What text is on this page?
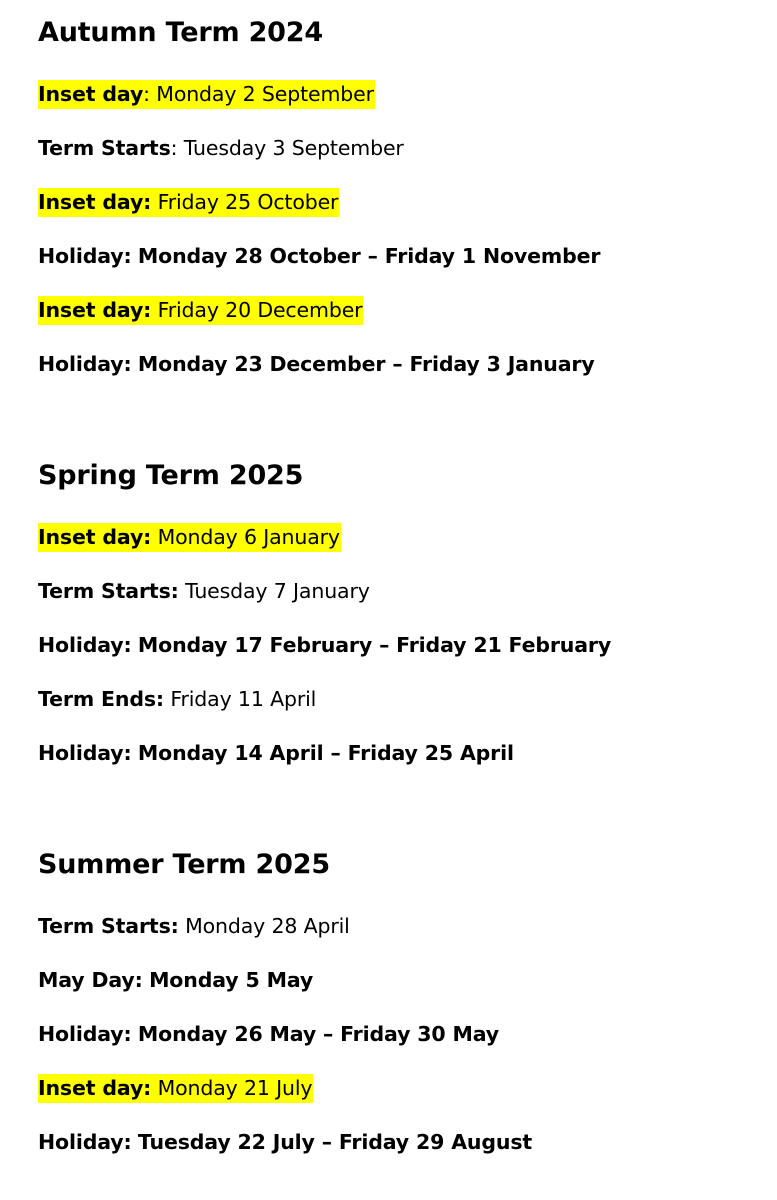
Autumn Term 2024
Inset day: Monday 2 September
Term Starts: Tuesday 3 September
Inset day: Friday 25 October
Holiday: Monday 28 October – Friday 1 November
Inset day: Friday 20 December
Holiday: Monday 23 December – Friday 3 January
Spring Term 2025
Inset day: Monday 6 January
Term Starts: Tuesday 7 January
Holiday: Monday 17 February – Friday 21 February
Term Ends: Friday 11 April
Holiday: Monday 14 April – Friday 25 April
Summer Term 2025
Term Starts: Monday 28 April
May Day: Monday 5 May
Holiday: Monday 26 May – Friday 30 May
Inset day: Monday 21 July
Holiday: Tuesday 22 July – Friday 29 August
